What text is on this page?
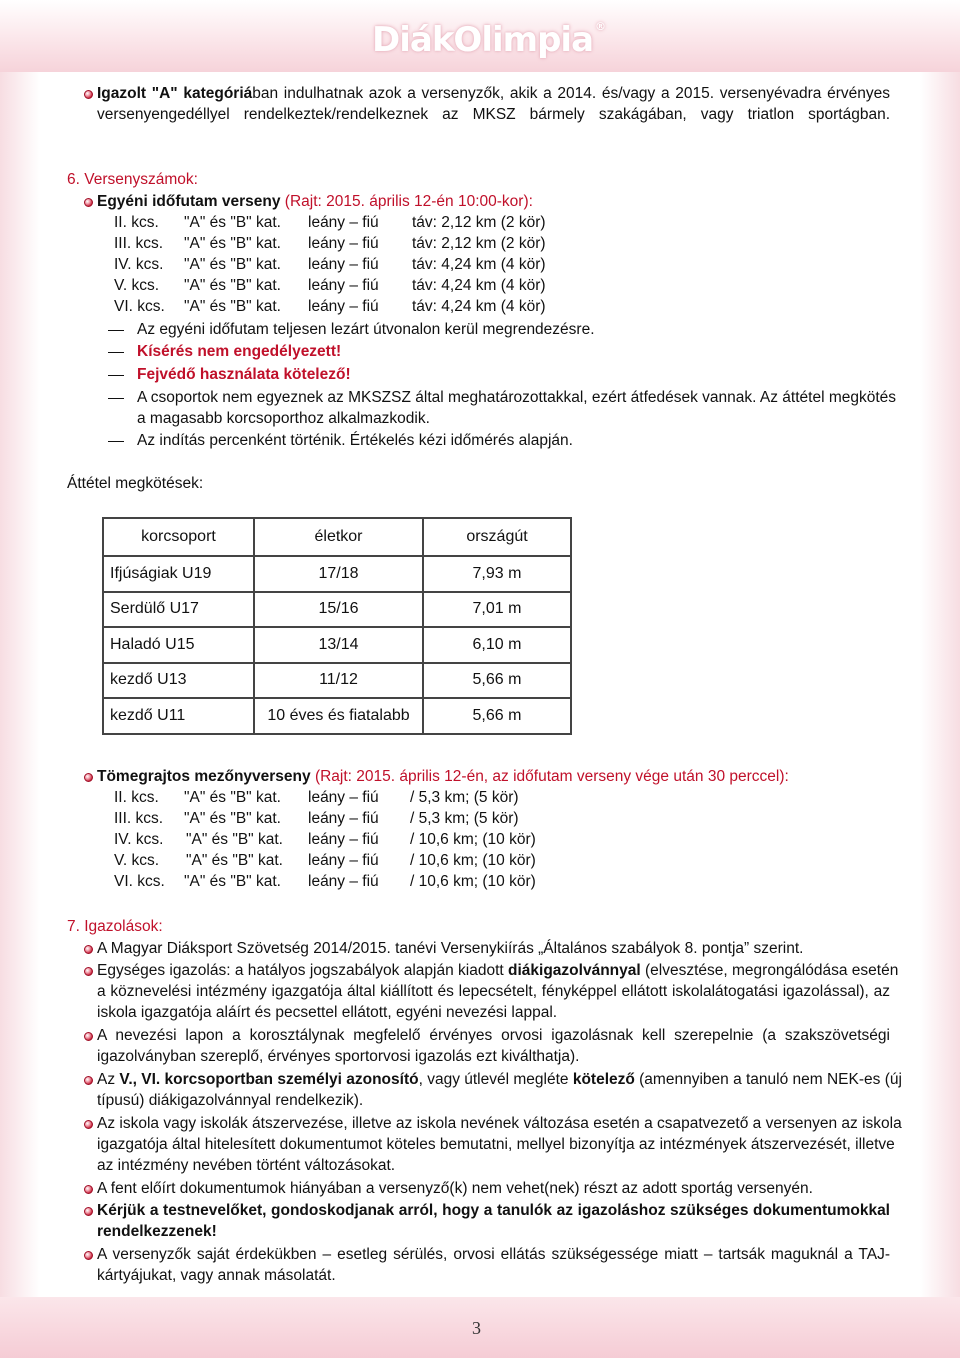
DiákOlimpia ®
Igazolt "A" kategóriában indulhatnak azok a versenyzők, akik a 2014. és/vagy a 2015. versenyévadra érvényes
versenyengedéllyel rendelkeztek/rendelkeznek az MKSZ bármely szakágában, vagy triatlon sportágban.
6. Versenyszámok:
Egyéni időfutam verseny (Rajt: 2015. április 12-én 10:00-kor):
II. kcs. "A" és "B" kat. leány – fiú táv: 2,12 km (2 kör)
III. kcs. "A" és "B" kat. leány – fiú táv: 2,12 km (2 kör)
IV. kcs. "A" és "B" kat. leány – fiú táv: 4,24 km (4 kör)
V. kcs. "A" és "B" kat. leány – fiú táv: 4,24 km (4 kör)
VI. kcs. "A" és "B" kat. leány – fiú táv: 4,24 km (4 kör)
Az egyéni időfutam teljesen lezárt útvonalon kerül megrendezésre.
Kísérés nem engedélyezett!
Fejvédő használata kötelező!
A csoportok nem egyeznek az MKSZSZ által meghatározottakkal, ezért átfedések vannak. Az áttétel megkötés
a magasabb korcsoporthoz alkalmazkodik.
Az indítás percenként történik. Értékelés kézi időmérés alapján.
Áttétel megkötések:
korcsoport	életkor	országút
Ifjúságiak U19	17/18	7,93 m
Serdülő U17	15/16	7,01 m
Haladó U15	13/14	6,10 m
kezdő U13	11/12	5,66 m
kezdő U11	10 éves és fiatalabb	5,66 m
Tömegrajtos mezőnyverseny (Rajt: 2015. április 12-én, az időfutam verseny vége után 30 perccel):
II. kcs. "A" és "B" kat. leány – fiú / 5,3 km; (5 kör)
III. kcs. "A" és "B" kat. leány – fiú / 5,3 km; (5 kör)
IV. kcs. "A" és "B" kat. leány – fiú / 10,6 km; (10 kör)
V. kcs. "A" és "B" kat. leány – fiú / 10,6 km; (10 kör)
VI. kcs. "A" és "B" kat. leány – fiú / 10,6 km; (10 kör)
7. Igazolások:
A Magyar Diáksport Szövetség 2014/2015. tanévi Versenykiírás „Általános szabályok 8. pontja” szerint.
Egységes igazolás: a hatályos jogszabályok alapján kiadott diákigazolvánnyal (elvesztése, megrongálódása esetén
a köznevelési intézmény igazgatója által kiállított és lepecsételt, fényképpel ellátott iskolalátogatási igazolással), az
iskola igazgatója aláírt és pecsettel ellátott, egyéni nevezési lappal.
A nevezési lapon a korosztálynak megfelelő érvényes orvosi igazolásnak kell szerepelnie (a szakszövetségi
igazolványban szereplő, érvényes sportorvosi igazolás ezt kiválthatja).
Az V., VI. korcsoportban személyi azonosító, vagy útlevél megléte kötelező (amennyiben a tanuló nem NEK-es (új
típusú) diákigazolvánnyal rendelkezik).
Az iskola vagy iskolák átszervezése, illetve az iskola nevének változása esetén a csapatvezető a versenyen az iskola
igazgatója által hitelesített dokumentumot köteles bemutatni, mellyel bizonyítja az intézmények átszervezését, illetve
az intézmény nevében történt változásokat.
A fent előírt dokumentumok hiányában a versenyző(k) nem vehet(nek) részt az adott sportág versenyén.
Kérjük a testnevelőket, gondoskodjanak arról, hogy a tanulók az igazoláshoz szükséges dokumentumokkal
rendelkezzenek!
A versenyzők saját érdekükben – esetleg sérülés, orvosi ellátás szükségessége miatt – tartsák maguknál a TAJ-
kártyájukat, vagy annak másolatát.
3
